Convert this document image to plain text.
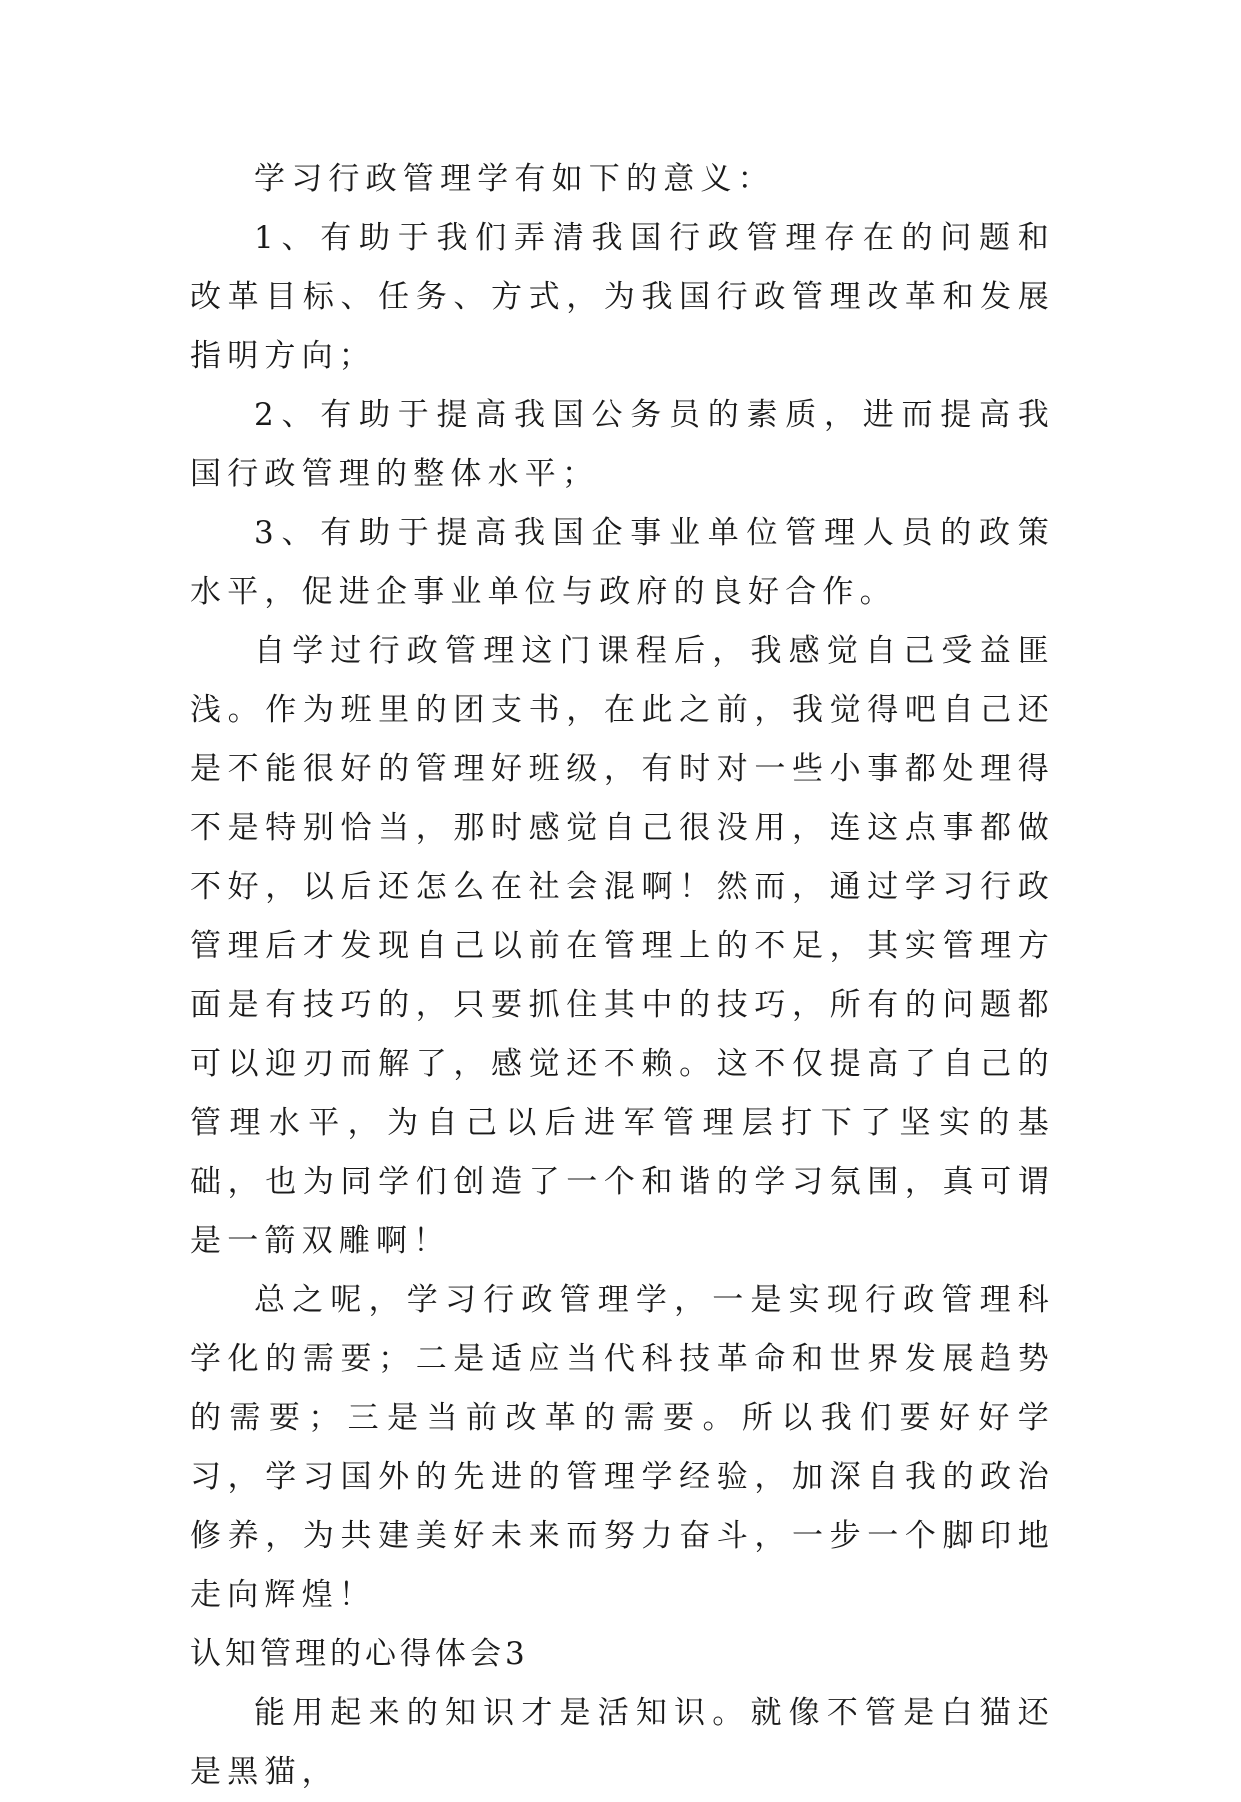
学习行政管理学有如下的意义：

1、有助于我们弄清我国行政管理存在的问题和改革目标、任务、方式，为我国行政管理改革和发展指明方向；

2、有助于提高我国公务员的素质，进而提高我国行政管理的整体水平；

3、有助于提高我国企事业单位管理人员的政策水平，促进企事业单位与政府的良好合作。

自学过行政管理这门课程后，我感觉自己受益匪浅。作为班里的团支书，在此之前，我觉得吧自己还是不能很好的管理好班级，有时对一些小事都处理得不是特别恰当，那时感觉自己很没用，连这点事都做不好，以后还怎么在社会混啊！然而，通过学习行政管理后才发现自己以前在管理上的不足，其实管理方面是有技巧的，只要抓住其中的技巧，所有的问题都可以迎刃而解了，感觉还不赖。这不仅提高了自己的管理水平，为自己以后进军管理层打下了坚实的基础，也为同学们创造了一个和谐的学习氛围，真可谓是一箭双雕啊！

总之呢，学习行政管理学，一是实现行政管理科学化的需要；二是适应当代科技革命和世界发展趋势的需要；三是当前改革的需要。所以我们要好好学习，学习国外的先进的管理学经验，加深自我的政治修养，为共建美好未来而努力奋斗，一步一个脚印地走向辉煌！

认知管理的心得体会3

能用起来的知识才是活知识。就像不管是白猫还是黑猫，
